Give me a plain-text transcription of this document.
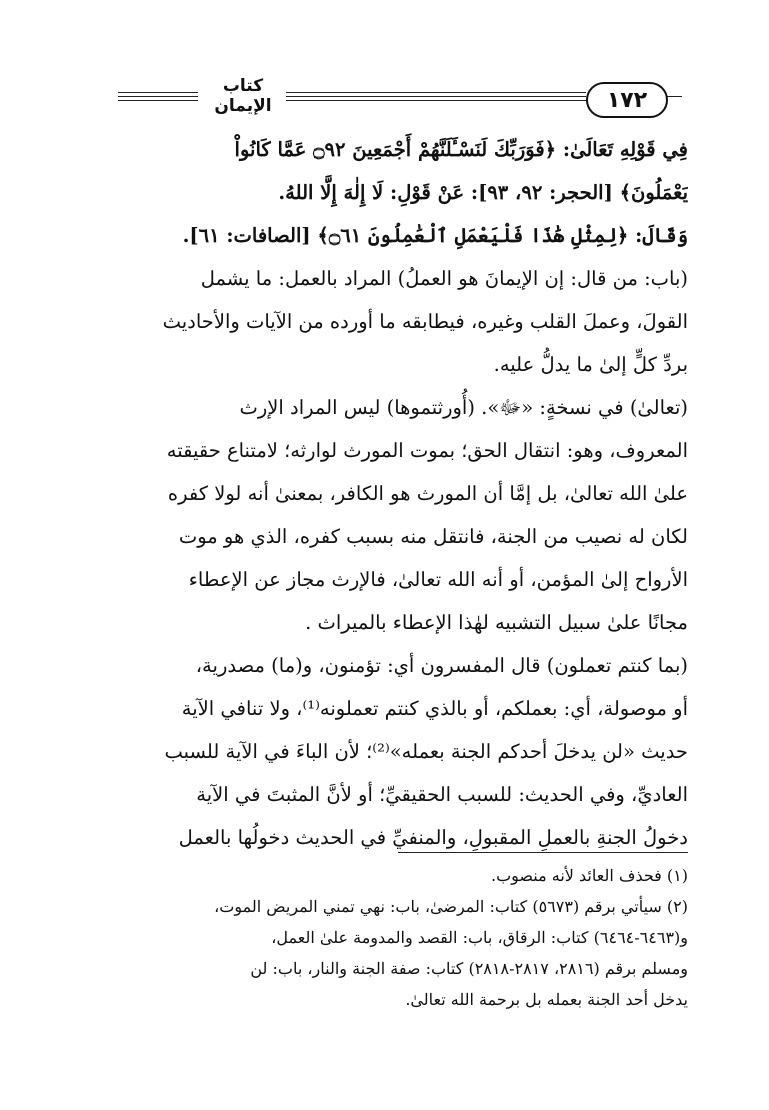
كتاب الإيمان	١٧٢
فِي قَوْلِهِ تَعَالَىٰ: ﴿فَوَرَبِّكَ لَنَسْـَٔلَنَّهُمْ أَجْمَعِينَ ۝٩٢ عَمَّا كَانُواْ
يَعْمَلُونَ﴾ [الحجر: ٩٢، ٩٣]: عَنْ قَوْلِ: لَا إِلٰهَ إِلَّا اللهُ.
وَقَالَ: ﴿لِمِثْلِ هَٰذَا فَلْيَعْمَلِ ٱلْعَٰمِلُونَ ۝٦١﴾ [الصافات: ٦١].
(باب: من قال: إن الإيمانَ هو العملُ) المراد بالعمل: ما يشمل
القولَ، وعملَ القلب وغيره، فيطابقه ما أورده من الآيات والأحاديث
بردِّ كلٍّ إلىٰ ما يدلُّ عليه.
(تعالىٰ) في نسخةٍ: «ﷻ». (أُورثتموها) ليس المراد الإرث
المعروف، وهو: انتقال الحق؛ بموت المورث لوارثه؛ لامتناع حقيقته
علىٰ الله تعالىٰ، بل إمَّا أن المورث هو الكافر، بمعنىٰ أنه لولا كفره
لكان له نصيب من الجنة، فانتقل منه بسبب كفره، الذي هو موت
الأرواح إلىٰ المؤمن، أو أنه الله تعالىٰ، فالإرث مجاز عن الإعطاء
مجانًا علىٰ سبيل التشبيه لهٰذا الإعطاء بالميراث .
(بما كنتم تعملون) قال المفسرون أي: تؤمنون، و(ما) مصدرية،
أو موصولة، أي: بعملكم، أو بالذي كنتم تعملونه⁽¹⁾، ولا تنافي الآية
حديث «لن يدخلَ أحدكم الجنة بعمله»⁽²⁾؛ لأن الباءَ في الآية للسبب
العاديِّ، وفي الحديث: للسبب الحقيقيِّ؛ أو لأنَّ المثبتَ في الآية
دخولُ الجنةِ بالعملِ المقبولِ، والمنفيِّ في الحديث دخولُها بالعمل
(١) فحذف العائد لأنه منصوب.
(٢) سيأتي برقم (٥٦٧٣) كتاب: المرضىٰ، باب: نهي تمني المريض الموت،
و(٦٤٦٣-٦٤٦٤) كتاب: الرقاق، باب: القصد والمدومة علىٰ العمل،
ومسلم برقم (٢٨١٦، ٢٨١٧-٢٨١٨) كتاب: صفة الجنة والنار، باب: لن
يدخل أحد الجنة بعمله بل برحمة الله تعالىٰ.
